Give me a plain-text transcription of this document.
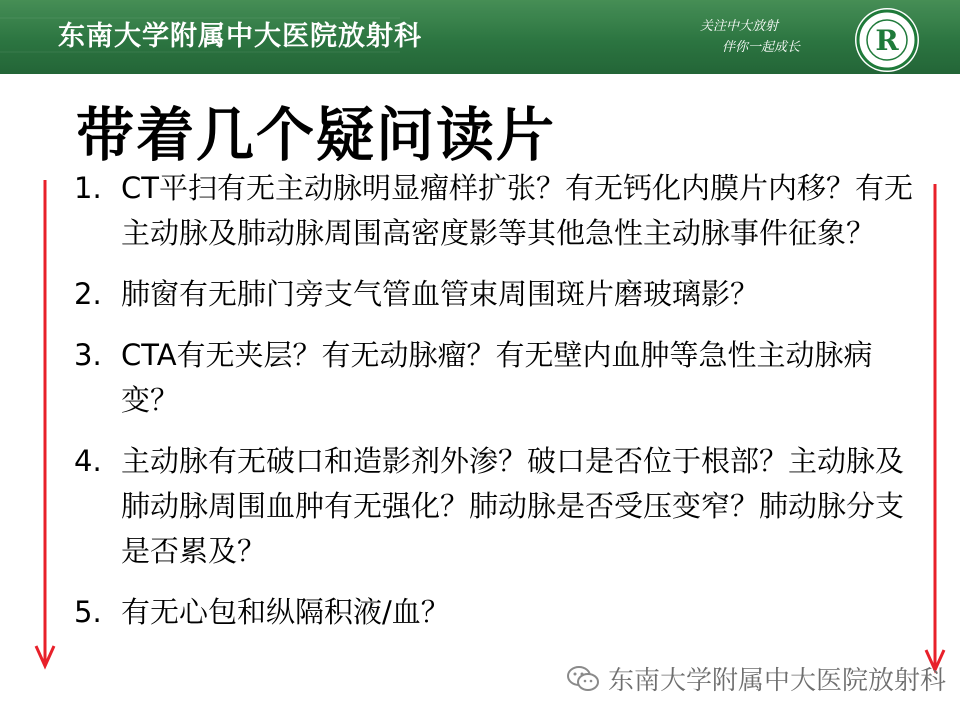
东南大学附属中大医院放射科	关注中大放射
伴你一起成长	R
带着几个疑问读片
1. CT平扫有无主动脉明显瘤样扩张？有无钙化内膜片内移？有无主动脉及肺动脉周围高密度影等其他急性主动脉事件征象？
2. 肺窗有无肺门旁支气管血管束周围斑片磨玻璃影？
3. CTA有无夹层？有无动脉瘤？有无壁内血肿等急性主动脉病变？
4. 主动脉有无破口和造影剂外渗？破口是否位于根部？主动脉及肺动脉周围血肿有无强化？肺动脉是否受压变窄？肺动脉分支是否累及？
5. 有无心包和纵隔积液/血？
东南大学附属中大医院放射科
